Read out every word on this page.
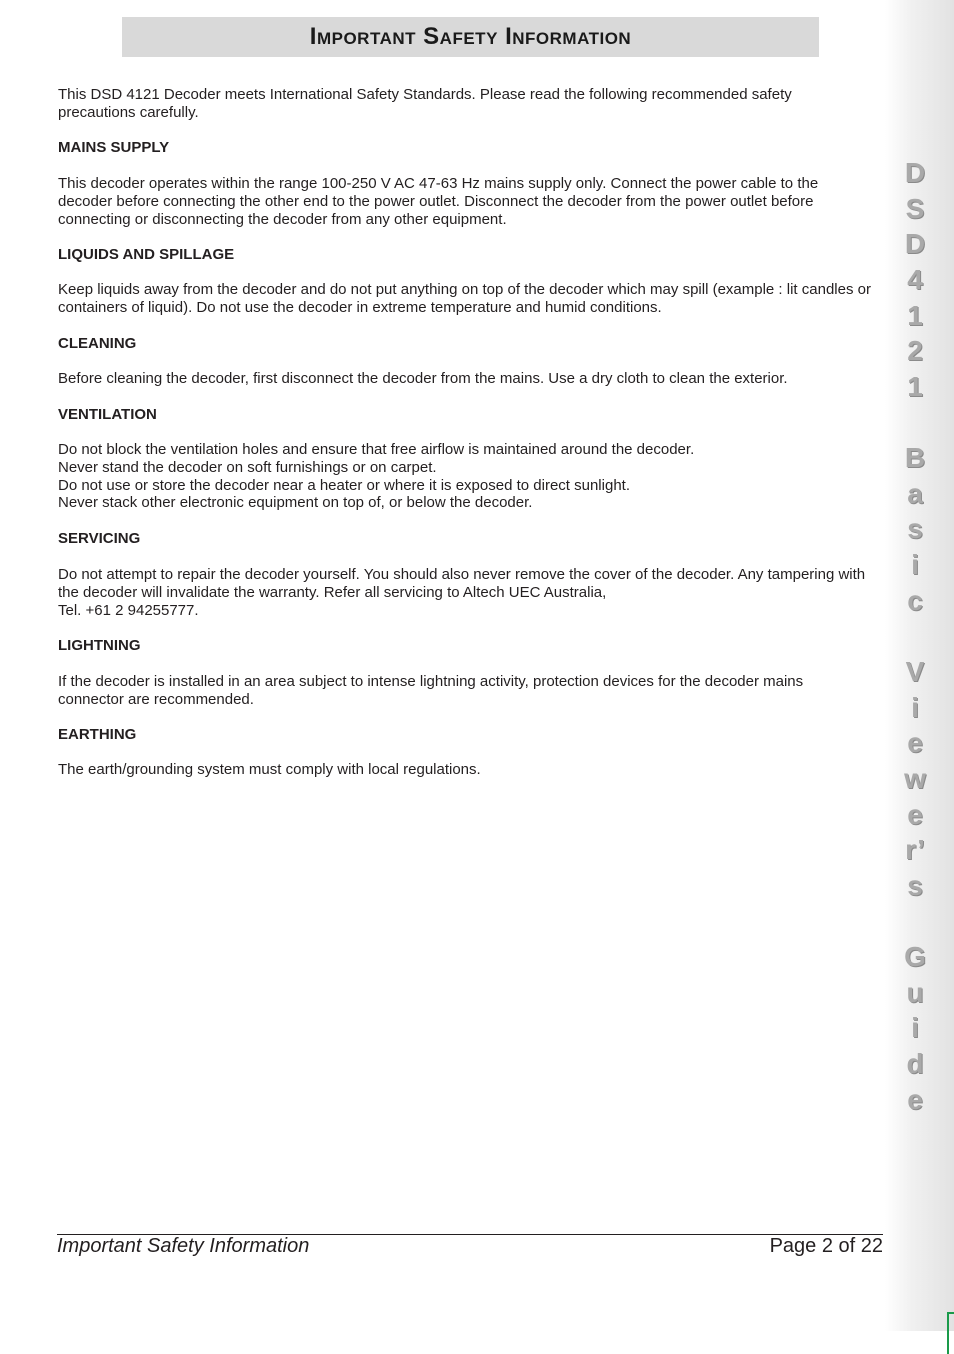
D
S
D
4
1
2
1
B
a
s
i
c
V
i
e
w
e
r’
s
G
u
i
d
e
Important Safety Information
This DSD 4121 Decoder meets International Safety Standards. Please read the following recommended safety precautions carefully.
MAINS SUPPLY
This decoder operates within the range 100-250 V AC 47-63 Hz mains supply only. Connect the power cable to the decoder before connecting the other end to the power outlet. Disconnect the decoder from the power outlet before connecting or disconnecting the decoder from any other equipment.
LIQUIDS AND SPILLAGE
Keep liquids away from the decoder and do not put anything on top of the decoder which may spill (example : lit candles or containers of liquid). Do not use the decoder in extreme temperature and humid conditions.
CLEANING
Before cleaning the decoder, first disconnect the decoder from the mains. Use a dry cloth to clean the exterior.
VENTILATION
Do not block the ventilation holes and ensure that free airflow is maintained around the decoder.
Never stand the decoder on soft furnishings or on carpet.
Do not use or store the decoder near a heater or where it is exposed to direct sunlight.
Never stack other electronic equipment on top of, or below the decoder.
SERVICING
Do not attempt to repair the decoder yourself. You should also never remove the cover of the decoder. Any tampering with the decoder will invalidate the warranty. Refer all servicing to Altech UEC Australia,
Tel. +61 2 94255777.
LIGHTNING
If the decoder is installed in an area subject to intense lightning activity, protection devices for the decoder mains connector are recommended.
EARTHING
The earth/grounding system must comply with local regulations.
Important Safety Information	Page 2 of 22
